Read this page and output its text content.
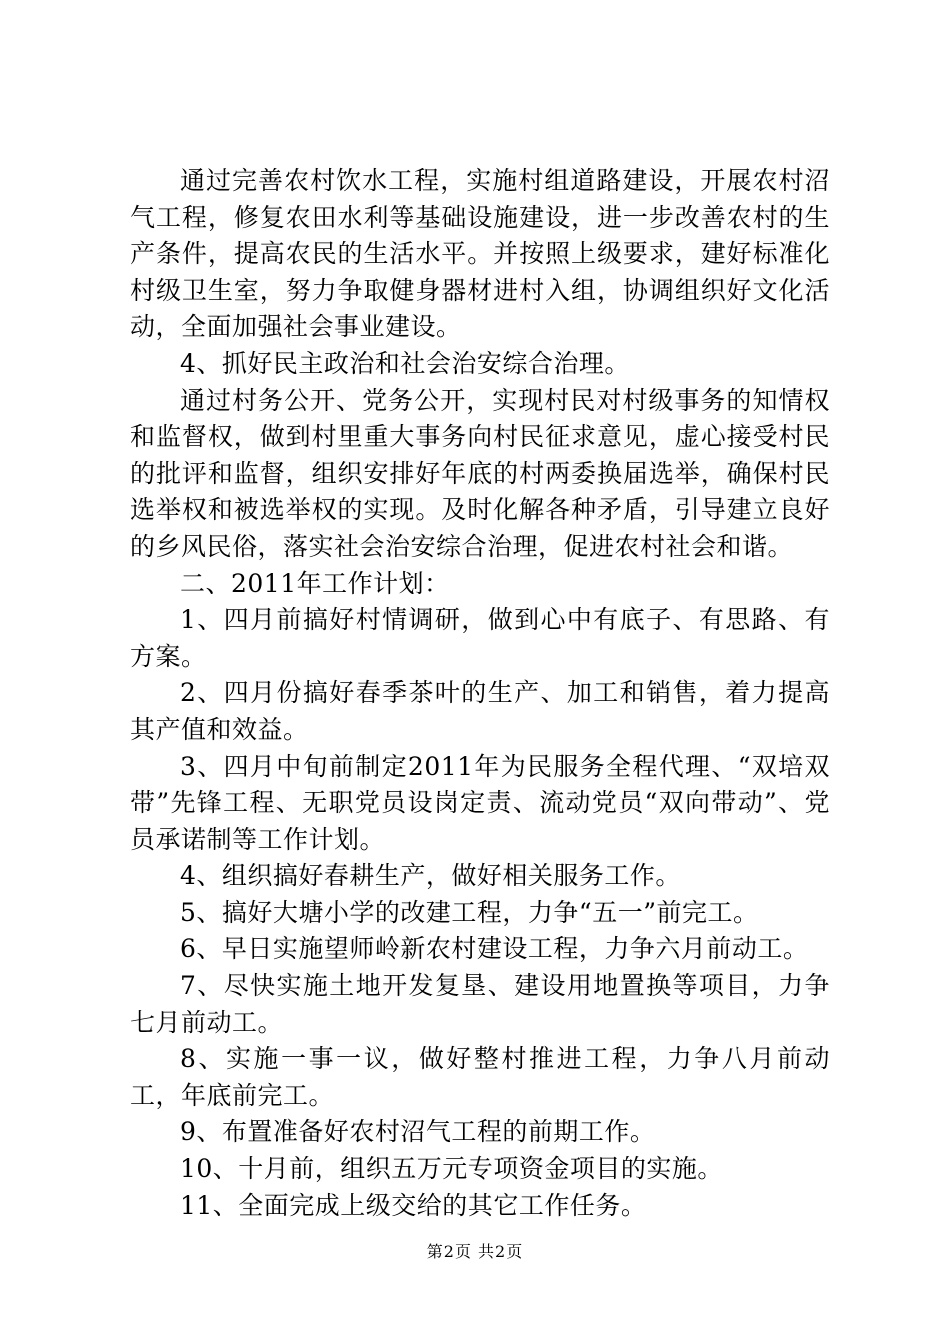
通过完善农村饮水工程，实施村组道路建设，开展农村沼气工程，修复农田水利等基础设施建设，进一步改善农村的生产条件，提高农民的生活水平。并按照上级要求，建好标准化村级卫生室，努力争取健身器材进村入组，协调组织好文化活动，全面加强社会事业建设。

4、抓好民主政治和社会治安综合治理。

通过村务公开、党务公开，实现村民对村级事务的知情权和监督权，做到村里重大事务向村民征求意见，虚心接受村民的批评和监督，组织安排好年底的村两委换届选举，确保村民选举权和被选举权的实现。及时化解各种矛盾，引导建立良好的乡风民俗，落实社会治安综合治理，促进农村社会和谐。

二、2011年工作计划：

1、四月前搞好村情调研，做到心中有底子、有思路、有方案。

2、四月份搞好春季茶叶的生产、加工和销售，着力提高其产值和效益。

3、四月中旬前制定2011年为民服务全程代理、“双培双带”先锋工程、无职党员设岗定责、流动党员“双向带动”、党员承诺制等工作计划。

4、组织搞好春耕生产，做好相关服务工作。

5、搞好大塘小学的改建工程，力争“五一”前完工。

6、早日实施望师岭新农村建设工程，力争六月前动工。

7、尽快实施土地开发复垦、建设用地置换等项目，力争七月前动工。

8、实施一事一议，做好整村推进工程，力争八月前动工，年底前完工。

9、布置准备好农村沼气工程的前期工作。

10、十月前，组织五万元专项资金项目的实施。

11、全面完成上级交给的其它工作任务。

第2页 共2页
